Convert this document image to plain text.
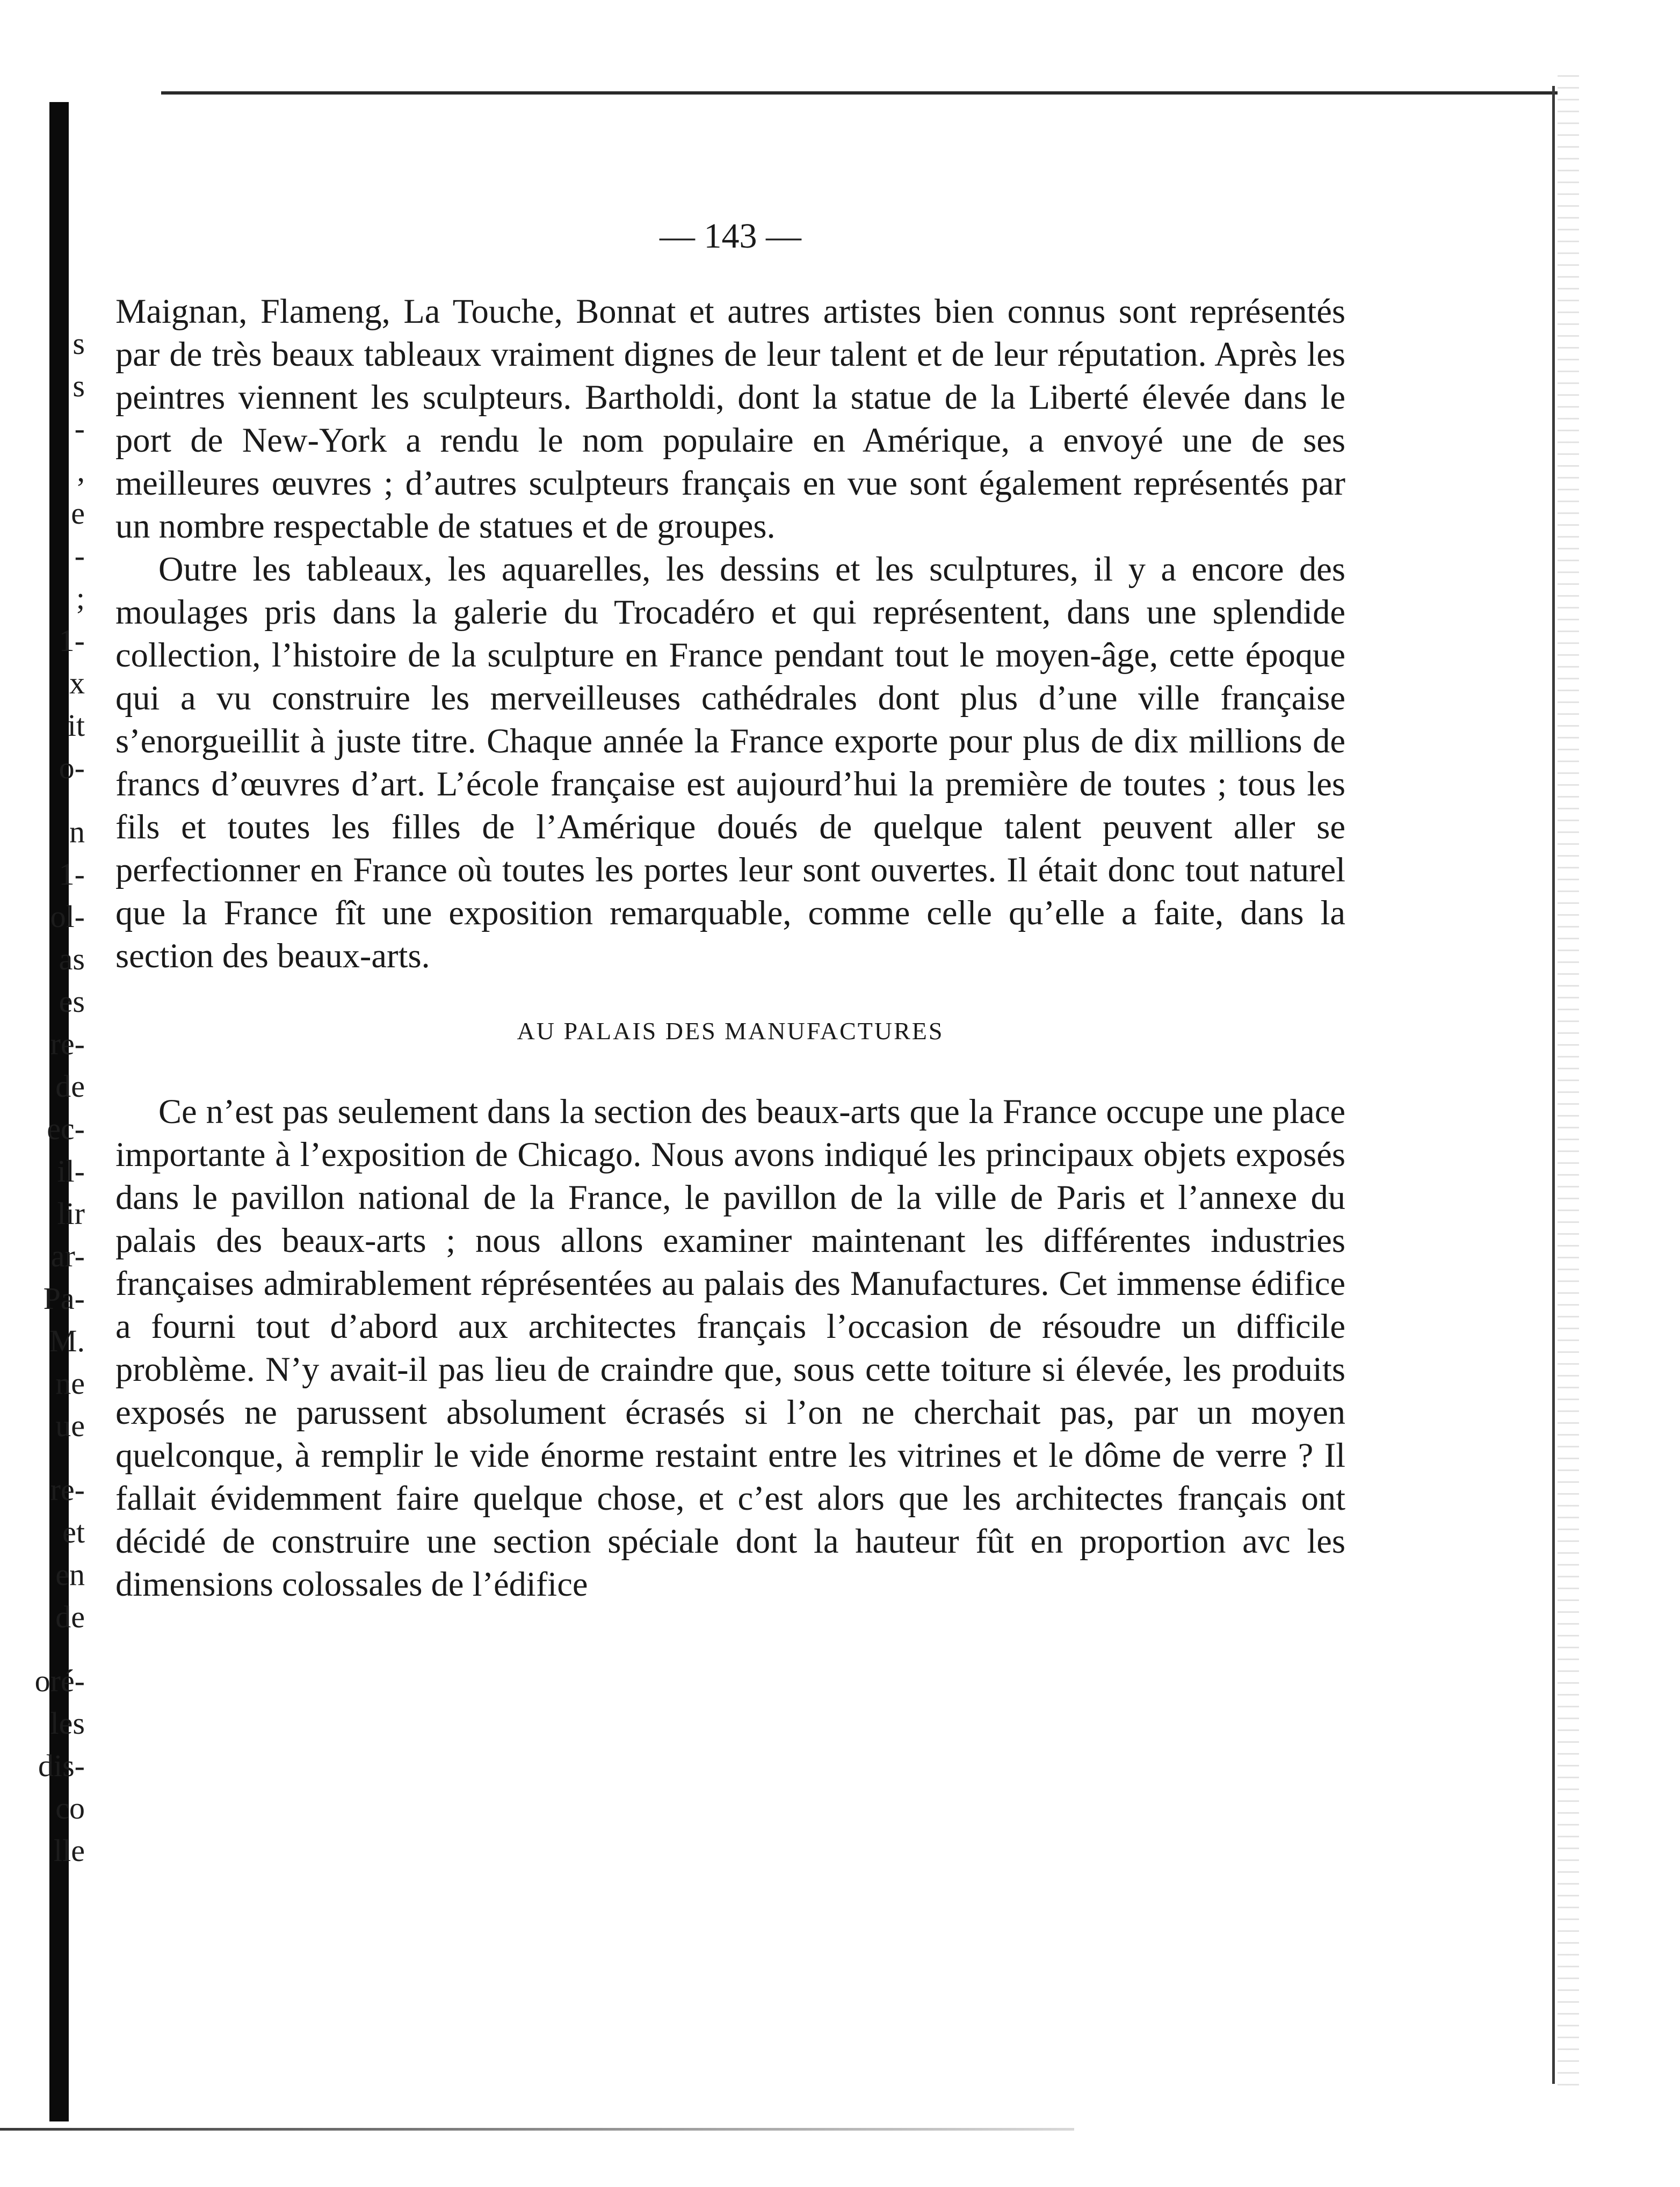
s
s
-
,
e
-
;
1-
x
it
o-
n
1-
ol-
as
es
re-
de
ec-
il-
lir
ar-
Pa-
M.
ne
ue
re-
et
en
de
oré-
les
dis-
co
lle
— 143 —

Maignan, Flameng, La Touche, Bonnat et autres artistes bien connus sont représentés par de très beaux tableaux vraiment dignes de leur talent et de leur réputation. Après les peintres viennent les sculpteurs. Bartholdi, dont la statue de la Liberté élevée dans le port de New-York a rendu le nom populaire en Amérique, a envoyé une de ses meilleures œuvres ; d’autres sculpteurs français en vue sont également représentés par un nombre respectable de statues et de groupes.

Outre les tableaux, les aquarelles, les dessins et les sculptures, il y a encore des moulages pris dans la galerie du Trocadéro et qui représentent, dans une splendide collection, l’histoire de la sculpture en France pendant tout le moyen-âge, cette époque qui a vu construire les merveilleuses cathédrales dont plus d’une ville française s’enorgueillit à juste titre. Chaque année la France exporte pour plus de dix millions de francs d’œuvres d’art. L’école française est aujourd’hui la première de toutes ; tous les fils et toutes les filles de l’Amérique doués de quelque talent peuvent aller se perfectionner en France où toutes les portes leur sont ouvertes. Il était donc tout naturel que la France fît une exposition remarquable, comme celle qu’elle a faite, dans la section des beaux-arts.

AU PALAIS DES MANUFACTURES

Ce n’est pas seulement dans la section des beaux-arts que la France occupe une place importante à l’exposition de Chicago. Nous avons indiqué les principaux objets exposés dans le pavillon national de la France, le pavillon de la ville de Paris et l’annexe du palais des beaux-arts ; nous allons examiner maintenant les différentes industries françaises admirablement réprésentées au palais des Manufactures. Cet immense édifice a fourni tout d’abord aux architectes français l’occasion de résoudre un difficile problème. N’y avait-il pas lieu de craindre que, sous cette toiture si élevée, les produits exposés ne parussent absolument écrasés si l’on ne cherchait pas, par un moyen quelconque, à remplir le vide énorme restaint entre les vitrines et le dôme de verre ? Il fallait évidemment faire quelque chose, et c’est alors que les architectes français ont décidé de construire une section spéciale dont la hauteur fût en proportion avc les dimensions colossales de l’édifice
